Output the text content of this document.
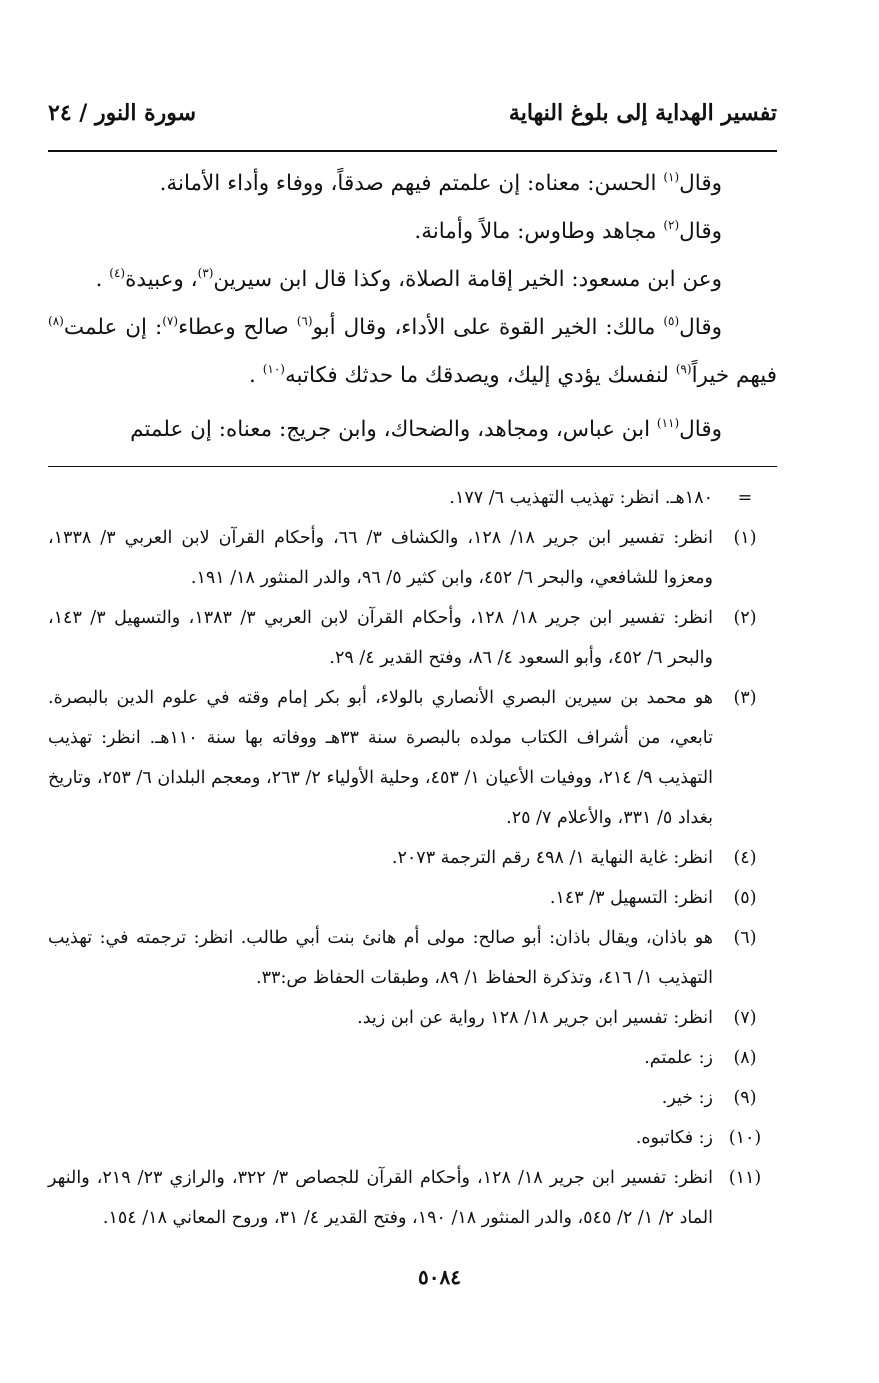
تفسير الهداية إلى بلوغ النهاية
سورة النور / ٢٤

وقال$^{(١)}$ الحسن: معناه: إن علمتم فيهم صدقاً، ووفاء وأداء الأمانة.

وقال$^{(٢)}$ مجاهد وطاوس: مالاً وأمانة.

وعن ابن مسعود: الخير إقامة الصلاة، وكذا قال ابن سيرين$^{(٣)}$، وعبيدة$^{(٤)}$ .

وقال$^{(٥)}$ مالك: الخير القوة على الأداء، وقال أبو$^{(٦)}$ صالح وعطاء$^{(٧)}$: إن علمت$^{(٨)}$ فيهم خيراً$^{(٩)}$ لنفسك يؤدي إليك، ويصدقك ما حدثك فكاتبه$^{(١٠)}$ .

وقال$^{(١١)}$ ابن عباس، ومجاهد، والضحاك، وابن جريج: معناه: إن علمتم

=
١٨٠هـ. انظر: تهذيب التهذيب ٦/ ١٧٧.
(١)
انظر: تفسير ابن جرير ١٨/ ١٢٨، والكشاف ٣/ ٦٦، وأحكام القرآن لابن العربي ٣/ ١٣٣٨، ومعزوا للشافعي، والبحر ٦/ ٤٥٢، وابن كثير ٥/ ٩٦، والدر المنثور ١٨/ ١٩١.
(٢)
انظر: تفسير ابن جرير ١٨/ ١٢٨، وأحكام القرآن لابن العربي ٣/ ١٣٨٣، والتسهيل ٣/ ١٤٣، والبحر ٦/ ٤٥٢، وأبو السعود ٤/ ٨٦، وفتح القدير ٤/ ٢٩.
(٣)
هو محمد بن سيرين البصري الأنصاري بالولاء، أبو بكر إمام وقته في علوم الدين بالبصرة. تابعي، من أشراف الكتاب مولده بالبصرة سنة ٣٣هـ ووفاته بها سنة ١١٠هـ. انظر: تهذيب التهذيب ٩/ ٢١٤، ووفيات الأعيان ١/ ٤٥٣، وحلية الأولياء ٢/ ٢٦٣، ومعجم البلدان ٦/ ٢٥٣، وتاريخ بغداد ٥/ ٣٣١، والأعلام ٧/ ٢٥.
(٤)
انظر: غاية النهاية ١/ ٤٩٨ رقم الترجمة ٢٠٧٣.
(٥)
انظر: التسهيل ٣/ ١٤٣.
(٦)
هو باذان، ويقال باذان: أبو صالح: مولى أم هانئ بنت أبي طالب. انظر: ترجمته في: تهذيب التهذيب ١/ ٤١٦، وتذكرة الحفاظ ١/ ٨٩، وطبقات الحفاظ ص:٣٣.
(٧)
انظر: تفسير ابن جرير ١٨/ ١٢٨ رواية عن ابن زيد.
(٨)
ز: علمتم.
(٩)
ز: خير.
(١٠)
ز: فكاتبوه.
(١١)
انظر: تفسير ابن جرير ١٨/ ١٢٨، وأحكام القرآن للجصاص ٣/ ٣٢٢، والرازي ٢٣/ ٢١٩، والنهر الماد ٢/ ١/ ٢/ ٥٤٥، والدر المنثور ١٨/ ١٩٠، وفتح القدير ٤/ ٣١، وروح المعاني ١٨/ ١٥٤.
٥٠٨٤
